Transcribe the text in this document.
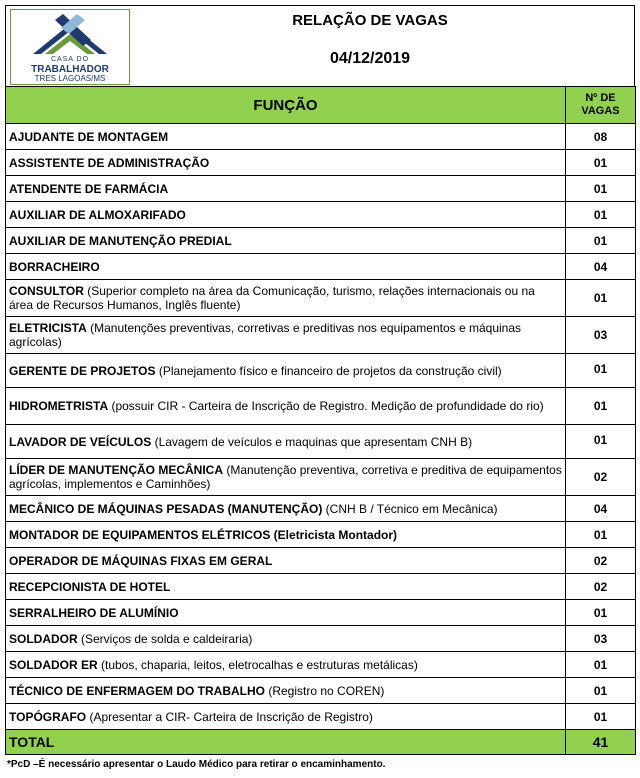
CASA DO
TRABALHADOR
TRES LAGOAS/MS
RELAÇÃO DE VAGAS
04/12/2019
FUNÇÃO	Nº DE
VAGAS
AJUDANTE DE MONTAGEM	08
ASSISTENTE DE ADMINISTRAÇÃO	01
ATENDENTE DE FARMÁCIA	01
AUXILIAR DE ALMOXARIFADO	01
AUXILIAR DE MANUTENÇÃO PREDIAL	01
BORRACHEIRO	04
CONSULTOR (Superior completo na área da Comunicação, turismo, relações internacionais ou na área de Recursos Humanos, Inglês fluente)	01
ELETRICISTA (Manutenções preventivas, corretivas e preditivas nos equipamentos e máquinas agrícolas)	03
GERENTE DE PROJETOS (Planejamento físico e financeiro de projetos da construção civil)	01
HIDROMETRISTA (possuir CIR - Carteira de Inscrição de Registro. Medição de profundidade do rio)	01
LAVADOR DE VEÍCULOS (Lavagem de veículos e maquinas que apresentam CNH B)	01
LÍDER DE MANUTENÇÃO MECÂNICA (Manutenção preventiva, corretiva e preditiva de equipamentos agrícolas, implementos e Caminhões)	02
MECÂNICO DE MÁQUINAS PESADAS (MANUTENÇÃO) (CNH B / Técnico em Mecânica)	04
MONTADOR DE EQUIPAMENTOS ELÉTRICOS (Eletricista Montador)	01
OPERADOR DE MÁQUINAS FIXAS EM GERAL	02
RECEPCIONISTA DE HOTEL	02
SERRALHEIRO DE ALUMÍNIO	01
SOLDADOR (Serviços de solda e caldeiraria)	03
SOLDADOR ER (tubos, chaparia, leitos, eletrocalhas e estruturas metálicas)	01
TÉCNICO DE ENFERMAGEM DO TRABALHO (Registro no COREN)	01
TOPÓGRAFO (Apresentar a CIR- Carteira de Inscrição de Registro)	01
TOTAL	41
*PcD –É necessário apresentar o Laudo Médico para retirar o encaminhamento.
